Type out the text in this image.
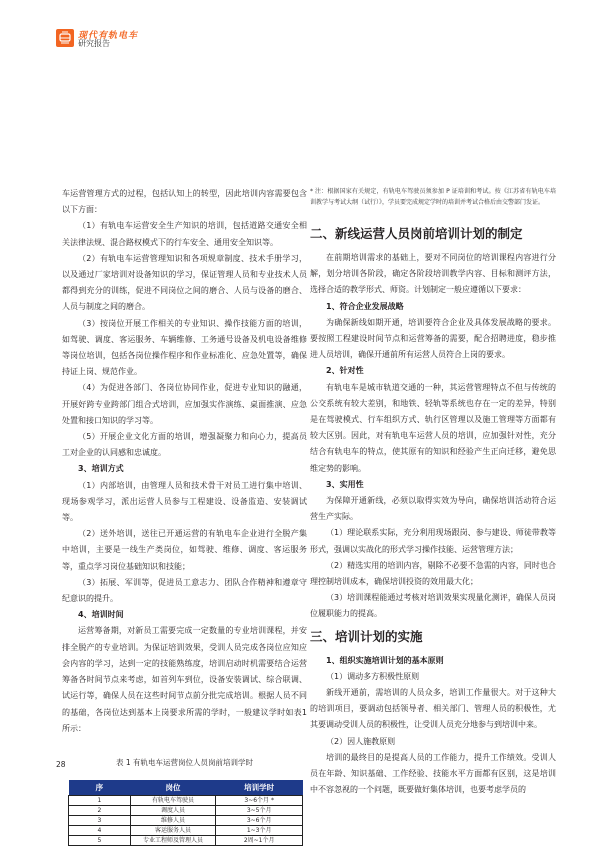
现代有轨电车
研究报告

车运营管理方式的过程，包括认知上的转型，因此培训内容需要包含以下方面：

（1）有轨电车运营安全生产知识的培训，包括道路交通安全相关法律法规、混合路权模式下的行车安全、通用安全知识等。

（2）有轨电车运营管理知识和各项规章制度、技术手册学习，以及通过厂家培训对设备知识的学习，保证管理人员和专业技术人员都得到充分的训练，促进不同岗位之间的磨合、人员与设备的磨合、人员与制度之间的磨合。

（3）按岗位开展工作相关的专业知识、操作技能方面的培训，如驾驶、调度、客运服务、车辆维修、工务通号设备及机电设备维修等岗位培训，包括各岗位操作程序和作业标准化、应急处置等，确保持证上岗、规范作业。

（4）为促进各部门、各岗位协同作业，促进专业知识的融通，开展好跨专业跨部门组合式培训，应加强实作演练、桌面推演、应急处置和接口知识的学习等。

（5）开展企业文化方面的培训，增强凝聚力和向心力，提高员工对企业的认同感和忠诚度。

3、培训方式

（1）内部培训，由管理人员和技术骨干对员工进行集中培训、现场参观学习，派出运营人员参与工程建设、设备监造、安装调试等。

（2）送外培训，送往已开通运营的有轨电车企业进行全脱产集中培训，主要是一线生产类岗位，如驾驶、维修、调度、客运服务等，重点学习岗位基础知识和技能；

（3）拓展、军训等，促进员工意志力、团队合作精神和遵章守纪意识的提升。

4、培训时间

运营筹备期，对新员工需要完成一定数量的专业培训课程，并安排全脱产的专业培训。为保证培训效果，受训人员完成各岗位应知应会内容的学习，达到一定的技能熟练度，培训启动时机需要结合运营筹备各时间节点来考虑，如首列车到位，设备安装调试、综合联调、试运行等，确保人员在这些时间节点前分批完成培训。根据人员不同的基础，各岗位达到基本上岗要求所需的学时，一般建议学时如表1所示：

表 1 有轨电车运营岗位人员岗前培训学时
序	岗位	培训学时
1	有轨电车驾驶员	3~6个月 *
2	调度人员	3~5个月
3	维修人员	3~6个月
4	客运服务人员	1~3个月
5	专业工程师及管理人员	2周~1个月

* 注：根据国家有关规定，有轨电车驾驶员须参加 P 证培训和考试。按《江苏省有轨电车培训教学与考试大纲（试行）》，学员要完成规定学时的培训并考试合格后由交警部门发证。

二、新线运营人员岗前培训计划的制定

在前期培训需求的基础上，要对不同岗位的培训课程内容进行分解，划分培训各阶段，确定各阶段培训教学内容、目标和测评方法，选择合适的教学形式、师资。计划制定一般应遵循以下要求：

1、符合企业发展战略

为确保新线如期开通，培训要符合企业及具体发展战略的要求。要按照工程建设时间节点和运营筹备的需要，配合招聘进度，稳步推进人员培训，确保开通前所有运营人员符合上岗的要求。

2、针对性

有轨电车是城市轨道交通的一种，其运营管理特点不但与传统的公交系统有较大差别，和地铁、轻轨等系统也存在一定的差异，特别是在驾驶模式、行车组织方式、轨行区管理以及施工管理等方面都有较大区别。因此，对有轨电车运营人员的培训，应加强针对性，充分结合有轨电车的特点，使其原有的知识和经验产生正向迁移，避免思维定势的影响。

3、实用性

为保障开通新线，必须以取得实效为导向，确保培训活动符合运营生产实际。

（1）理论联系实际，充分利用现场跟岗、参与建设、师徒带教等形式，强调以实战化的形式学习操作技能、运营管理方法；

（2）精选实用的培训内容，剔除不必要不急需的内容，同时也合理控制培训成本，确保培训投资的效用最大化；

（3）培训课程能通过考核对培训效果实现量化测评，确保人员岗位履职能力的提高。

三、培训计划的实施

1、组织实施培训计划的基本原则

（1）调动多方积极性原则

新线开通前，需培训的人员众多，培训工作量很大。对于这种大的培训项目，要调动包括领导者、相关部门、管理人员的积极性，尤其要调动受训人员的积极性，让受训人员充分地参与到培训中来。

（2）因人施教原则

培训的最终目的是提高人员的工作能力，提升工作绩效。受训人员在年龄、知识基础、工作经验、技能水平方面都有区别，这是培训中不容忽视的一个问题，既要做好集体培训，也要考虑学员的

28
